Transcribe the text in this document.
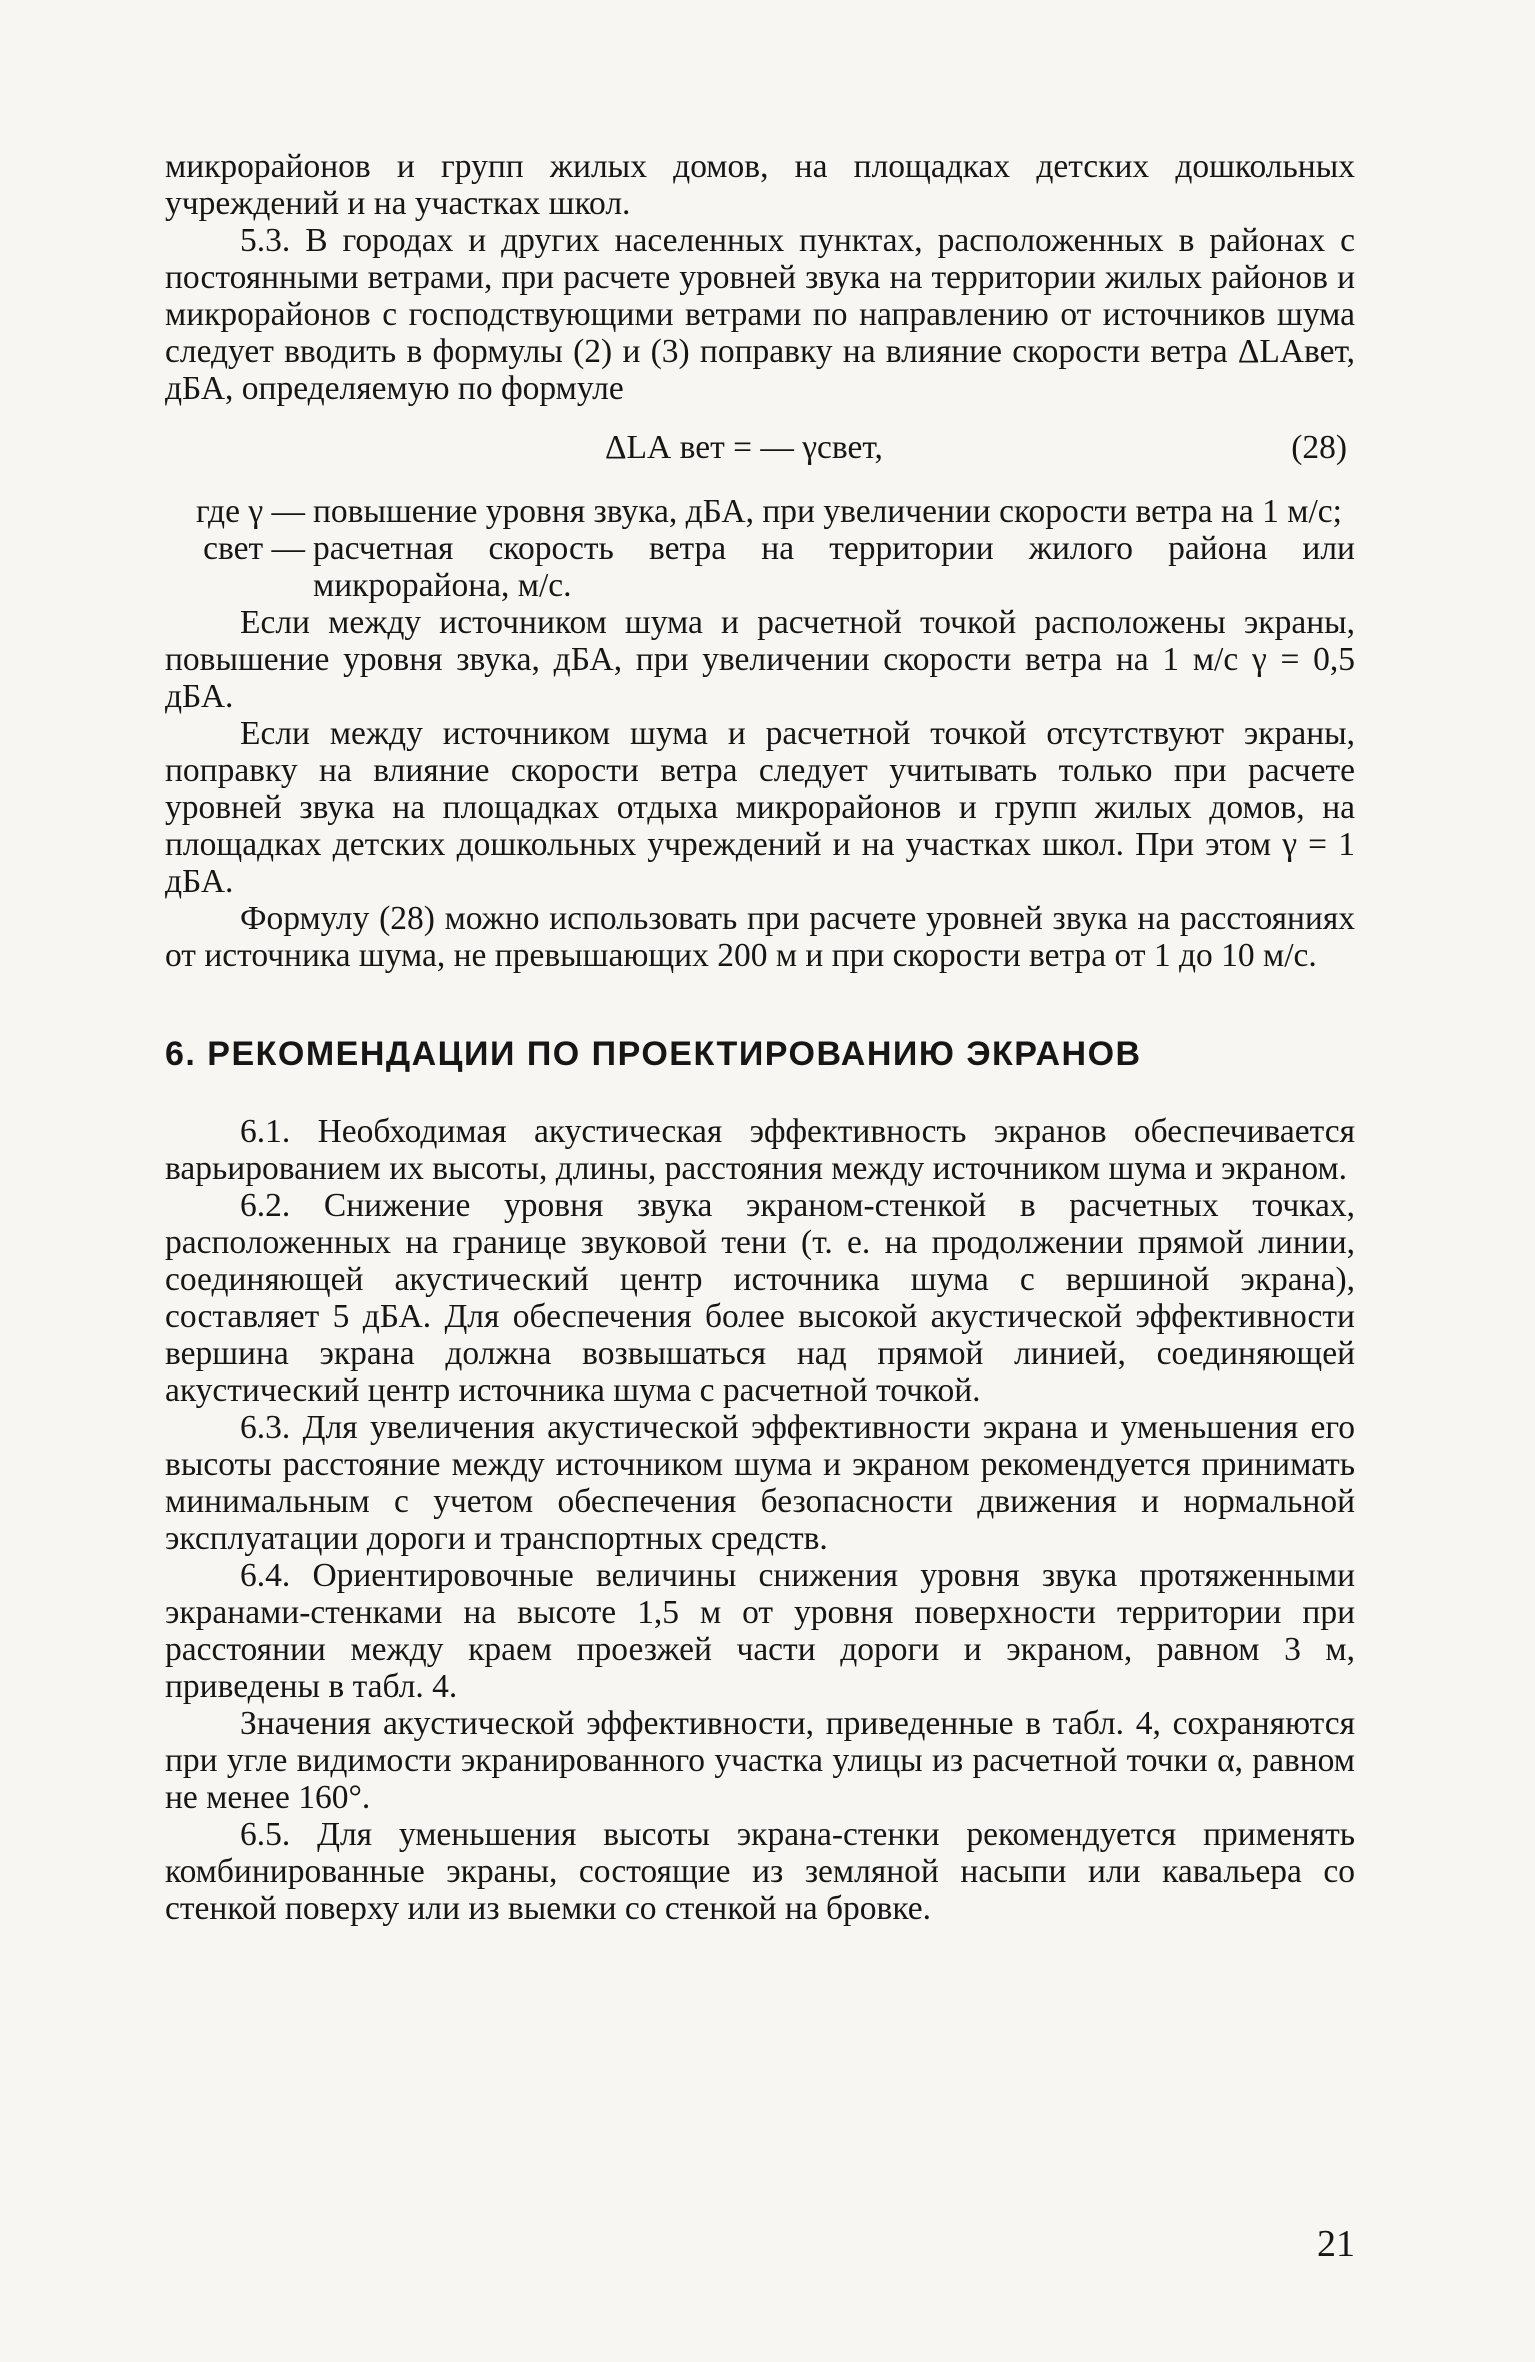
микрорайонов и групп жилых домов, на площадках детских дошкольных учреждений и на участках школ.

5.3. В городах и других населенных пунктах, расположенных в районах с постоянными ветрами, при расчете уровней звука на территории жилых районов и микрорайонов с господствующими ветрами по направлению от источников шума следует вводить в формулы (2) и (3) поправку на влияние скорости ветра ΔLАвет, дБА, определяемую по формуле

ΔLА вет = — γсвет,	(28)
где γ — повышение уровня звука, дБА, при увеличении скорости ветра на 1 м/с;
свет — расчетная скорость ветра на территории жилого района или микрорайона, м/с.

Если между источником шума и расчетной точкой расположены экраны, повышение уровня звука, дБА, при увеличении скорости ветра на 1 м/с γ = 0,5 дБА.

Если между источником шума и расчетной точкой отсутствуют экраны, поправку на влияние скорости ветра следует учитывать только при расчете уровней звука на площадках отдыха микрорайонов и групп жилых домов, на площадках детских дошкольных учреждений и на участках школ. При этом γ = 1 дБА.

Формулу (28) можно использовать при расчете уровней звука на расстояниях от источника шума, не превышающих 200 м и при скорости ветра от 1 до 10 м/с.

6. РЕКОМЕНДАЦИИ ПО ПРОЕКТИРОВАНИЮ ЭКРАНОВ

6.1. Необходимая акустическая эффективность экранов обеспечивается варьированием их высоты, длины, расстояния между источником шума и экраном.

6.2. Снижение уровня звука экраном-стенкой в расчетных точках, расположенных на границе звуковой тени (т. е. на продолжении прямой линии, соединяющей акустический центр источника шума с вершиной экрана), составляет 5 дБА. Для обеспечения более высокой акустической эффективности вершина экрана должна возвышаться над прямой линией, соединяющей акустический центр источника шума с расчетной точкой.

6.3. Для увеличения акустической эффективности экрана и уменьшения его высоты расстояние между источником шума и экраном рекомендуется принимать минимальным с учетом обеспечения безопасности движения и нормальной эксплуатации дороги и транспортных средств.

6.4. Ориентировочные величины снижения уровня звука протяженными экранами-стенками на высоте 1,5 м от уровня поверхности территории при расстоянии между краем проезжей части дороги и экраном, равном 3 м, приведены в табл. 4.

Значения акустической эффективности, приведенные в табл. 4, сохраняются при угле видимости экранированного участка улицы из расчетной точки α, равном не менее 160°.

6.5. Для уменьшения высоты экрана-стенки рекомендуется применять комбинированные экраны, состоящие из земляной насыпи или кавальера со стенкой поверху или из выемки со стенкой на бровке.

21
